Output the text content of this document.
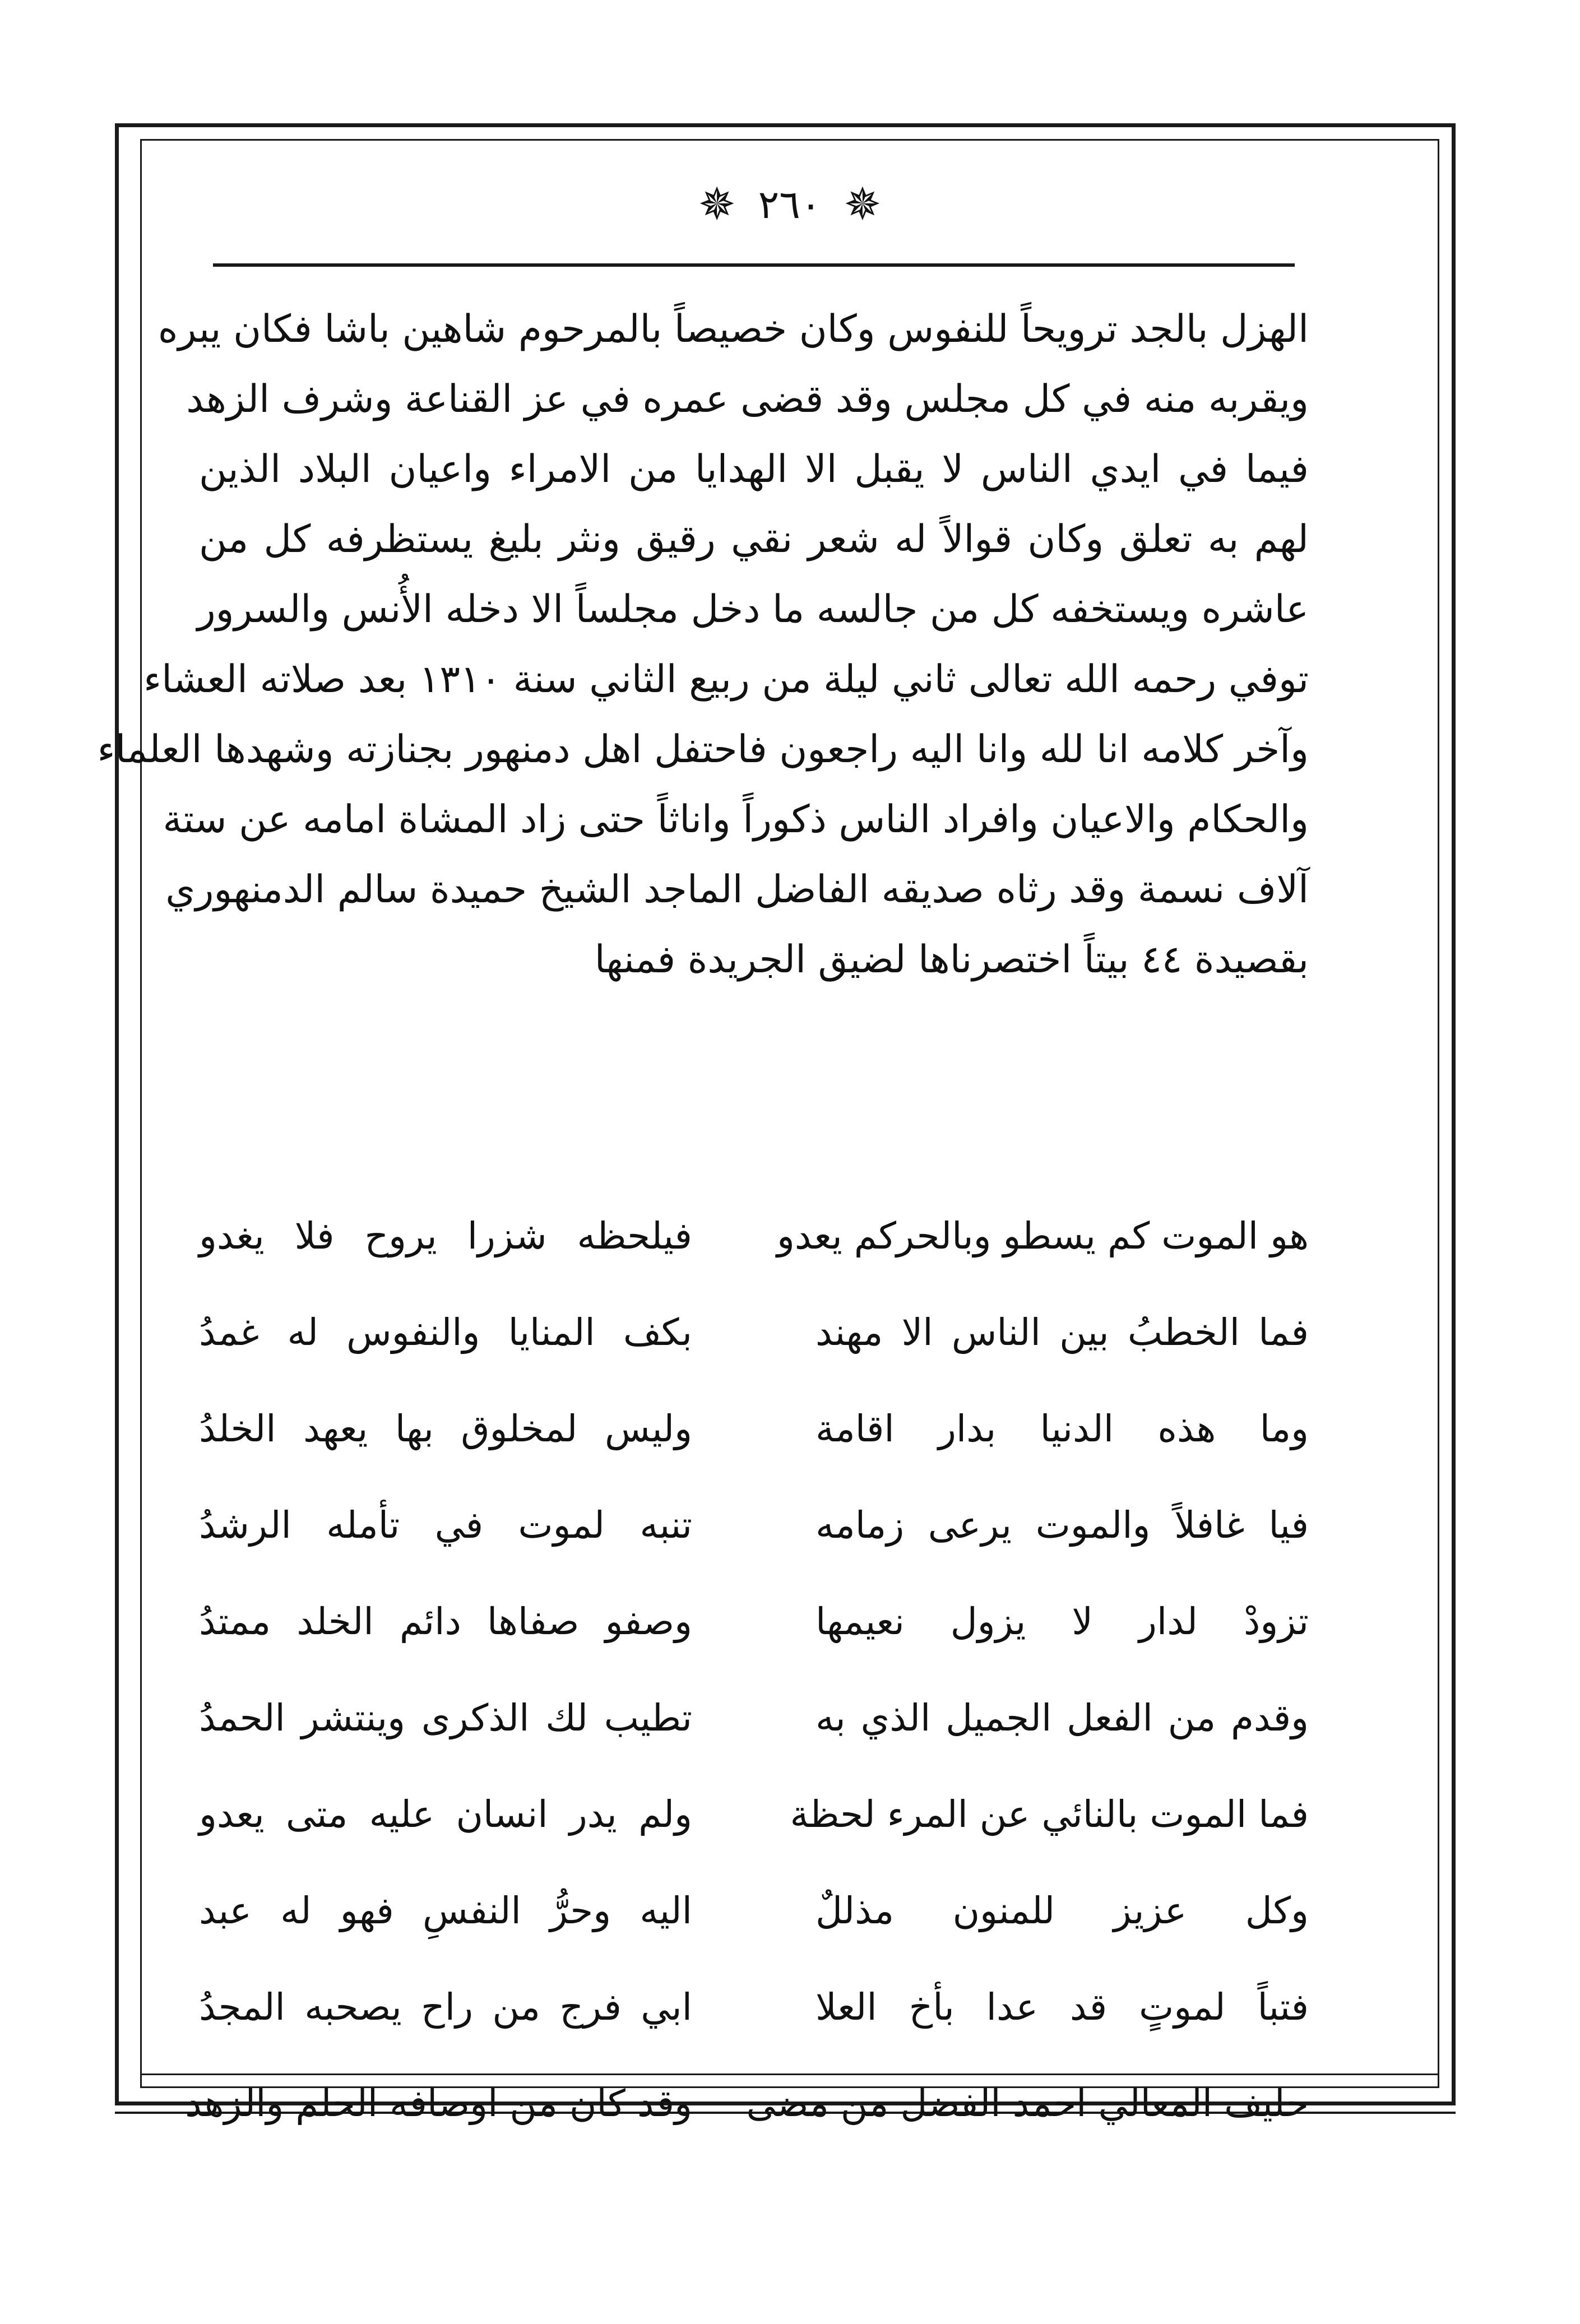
✵ ٢٦٠ ✵
الهزل بالجد ترويحاً للنفوس وكان خصيصاً بالمرحوم شاهين باشا فكان يبره
ويقربه منه في كل مجلس وقد قضى عمره في عز القناعة وشرف الزهد
فيما في ايدي الناس لا يقبل الا الهدايا من الامراء واعيان البلاد الذين
لهم به تعلق وكان قوالاً له شعر نقي رقيق ونثر بليغ يستظرفه كل من
عاشره ويستخفه كل من جالسه ما دخل مجلساً الا دخله الأُنس والسرور
توفي رحمه الله تعالى ثاني ليلة من ربيع الثاني سنة ١٣١٠ بعد صلاته العشاء
وآخر كلامه انا لله وانا اليه راجعون فاحتفل اهل دمنهور بجنازته وشهدها العلماء
والحكام والاعيان وافراد الناس ذكوراً واناثاً حتى زاد المشاة امامه عن ستة
آلاف نسمة وقد رثاه صديقه الفاضل الماجد الشيخ حميدة سالم الدمنهوري
بقصيدة ٤٤ بيتاً اختصرناها لضيق الجريدة فمنها
هو الموت كم يسطو وبالحركم يعدو
فيلحظه شزرا يروح فلا يغدو
فما الخطبُ بين الناس الا مهند
بكف المنايا والنفوس له غمدُ
وما هذه الدنيا بدار اقامة
وليس لمخلوق بها يعهد الخلدُ
فيا غافلاً والموت يرعى زمامه
تنبه لموت في تأمله الرشدُ
تزودْ لدار لا يزول نعيمها
وصفو صفاها دائم الخلد ممتدُ
وقدم من الفعل الجميل الذي به
تطيب لك الذكرى وينتشر الحمدُ
فما الموت بالنائي عن المرء لحظة
ولم يدر انسان عليه متى يعدو
وكل عزيز للمنون مذللٌ
اليه وحرُّ النفسِ فهو له عبد
فتباً لموتٍ قد عدا بأخ العلا
ابي فرج من راح يصحبه المجدُ
حليف المعالي احمد الفضل من مضى
وقد كان من اوصافه الحلم والزهد
